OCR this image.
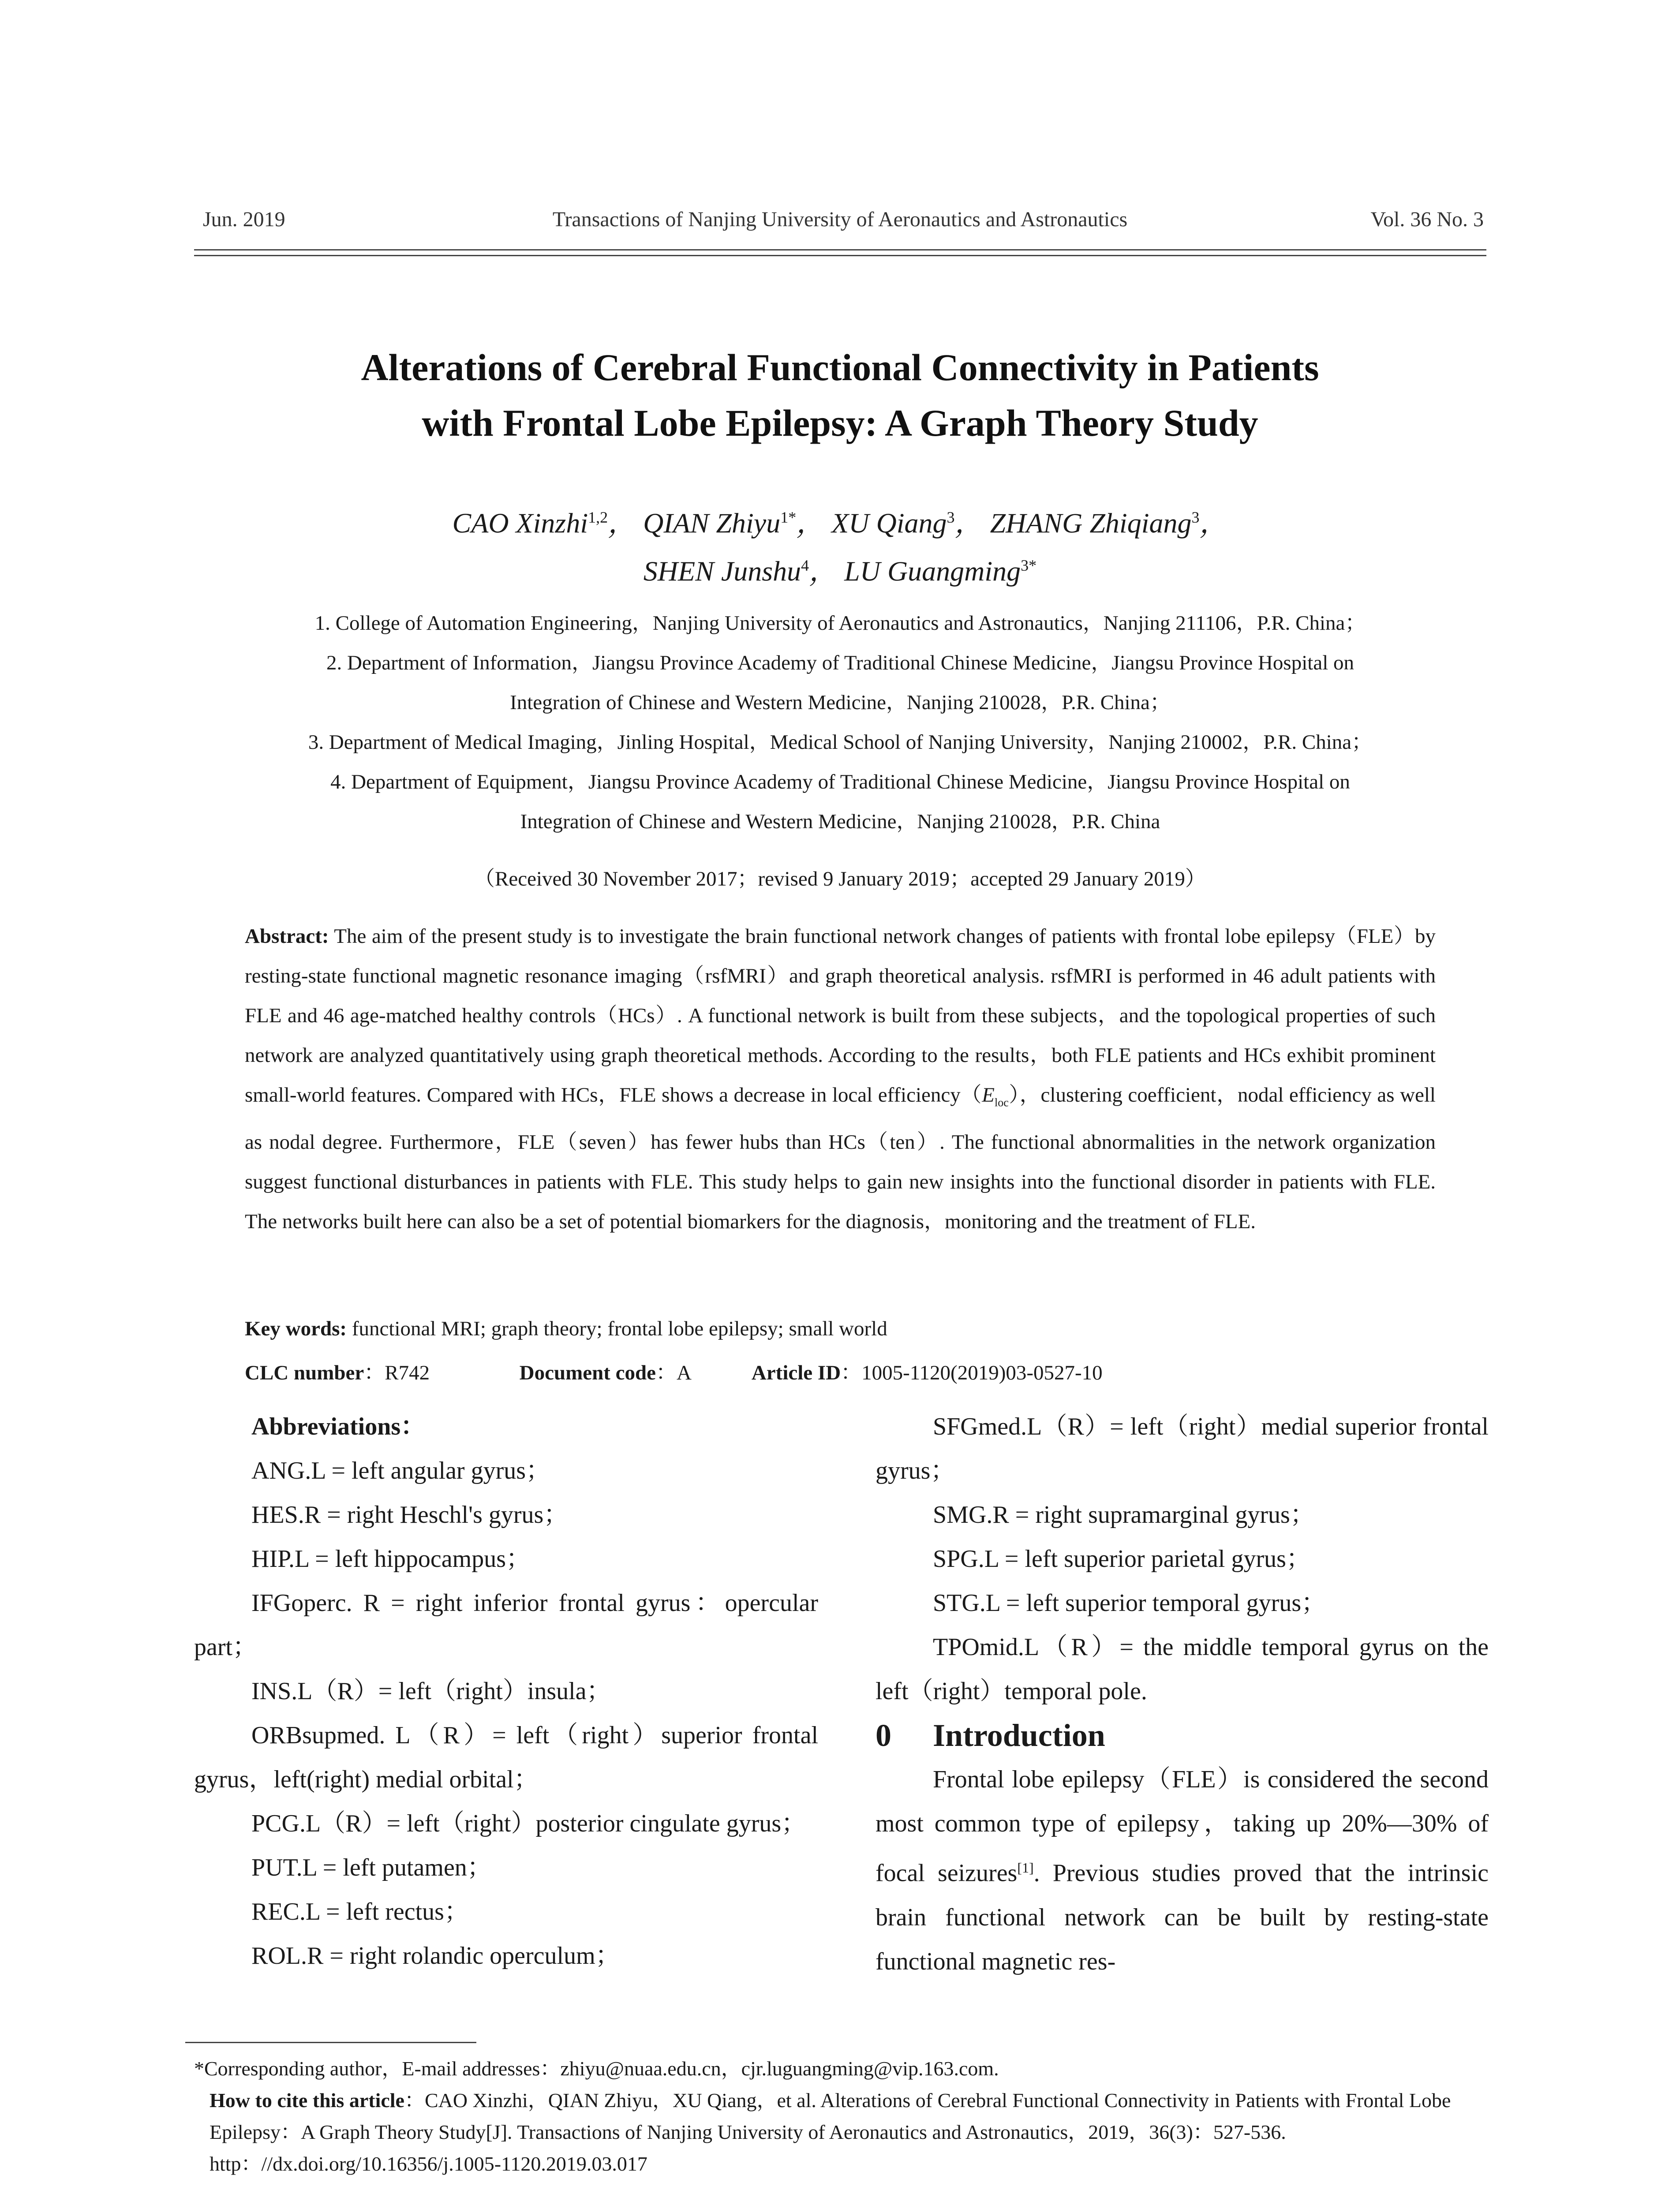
Jun. 2019	Transactions of Nanjing University of Aeronautics and Astronautics	Vol. 36 No. 3
Alterations of Cerebral Functional Connectivity in Patients
with Frontal Lobe Epilepsy: A Graph Theory Study
CAO Xinzhi$^{1,2}$， QIAN Zhiyu$^{1*}$， XU Qiang$^3$， ZHANG Zhiqiang$^3$，
SHEN Junshu$^4$， LU Guangming$^{3*}$
1. College of Automation Engineering，Nanjing University of Aeronautics and Astronautics，Nanjing 211106，P.R. China；
2. Department of Information，Jiangsu Province Academy of Traditional Chinese Medicine，Jiangsu Province Hospital on
Integration of Chinese and Western Medicine，Nanjing 210028，P.R. China；
3. Department of Medical Imaging，Jinling Hospital，Medical School of Nanjing University，Nanjing 210002，P.R. China；
4. Department of Equipment，Jiangsu Province Academy of Traditional Chinese Medicine，Jiangsu Province Hospital on
Integration of Chinese and Western Medicine，Nanjing 210028，P.R. China
（Received 30 November 2017；revised 9 January 2019；accepted 29 January 2019）
Abstract: The aim of the present study is to investigate the brain functional network changes of patients with frontal lobe epilepsy（FLE）by resting-state functional magnetic resonance imaging（rsfMRI）and graph theoretical analysis. rsfMRI is performed in 46 adult patients with FLE and 46 age-matched healthy controls（HCs）. A functional network is built from these subjects，and the topological properties of such network are analyzed quantitatively using graph theoretical methods. According to the results，both FLE patients and HCs exhibit prominent small-world features. Compared with HCs，FLE shows a decrease in local $efficiency(E_{loc})$，clustering coefficient，nodal efficiency as well as nodal degree. Furthermore，FLE（seven）has fewer hubs than HCs（ten）. The functional abnormalities in the network organization suggest functional disturbances in patients with FLE. This study helps to gain new insights into the functional disorder in patients with FLE. The networks built here can also be a set of potential biomarkers for the diagnosis，monitoring and the treatment of FLE.
Key words: functional MRI; graph theory; frontal lobe epilepsy; small world
CLC number：R742	Document code：A	Article ID：1005-1120(2019)03-0527-10

Abbreviations：

ANG.L = left angular gyrus；

HES.R = right Heschl's gyrus；

HIP.L = left hippocampus；

IFGoperc. R = right inferior frontal gyrus：opercular part；

INS.L（R）= left（right）insula；

ORBsupmed. L（R）= left（right）superior frontal gyrus，left(right) medial orbital；

PCG.L（R）= left（right）posterior cingulate gyrus；

PUT.L = left putamen；

REC.L = left rectus；

ROL.R = right rolandic operculum；

SFGmed.L（R）= left（right）medial superior frontal gyrus；

SMG.R = right supramarginal gyrus；

SPG.L = left superior parietal gyrus；

STG.L = left superior temporal gyrus；

TPOmid.L（R）= the middle temporal gyrus on the left（right）temporal pole.

0 Introduction

Frontal lobe epilepsy（FLE）is considered the second most common type of epilepsy，taking up 20%—30% of focal seizures[1]. Previous studies proved that the intrinsic brain functional network can be built by resting-state functional magnetic res-

*Corresponding author，E-mail addresses：zhiyu@nuaa.edu.cn，cjr.luguangming@vip.163.com.

How to cite this article：CAO Xinzhi，QIAN Zhiyu，XU Qiang，et al. Alterations of Cerebral Functional Connectivity in Patients with Frontal Lobe Epilepsy：A Graph Theory Study[J]. Transactions of Nanjing University of Aeronautics and Astronautics，2019，36(3)：527-536.

http：//dx.doi.org/10.16356/j.1005-1120.2019.03.017
